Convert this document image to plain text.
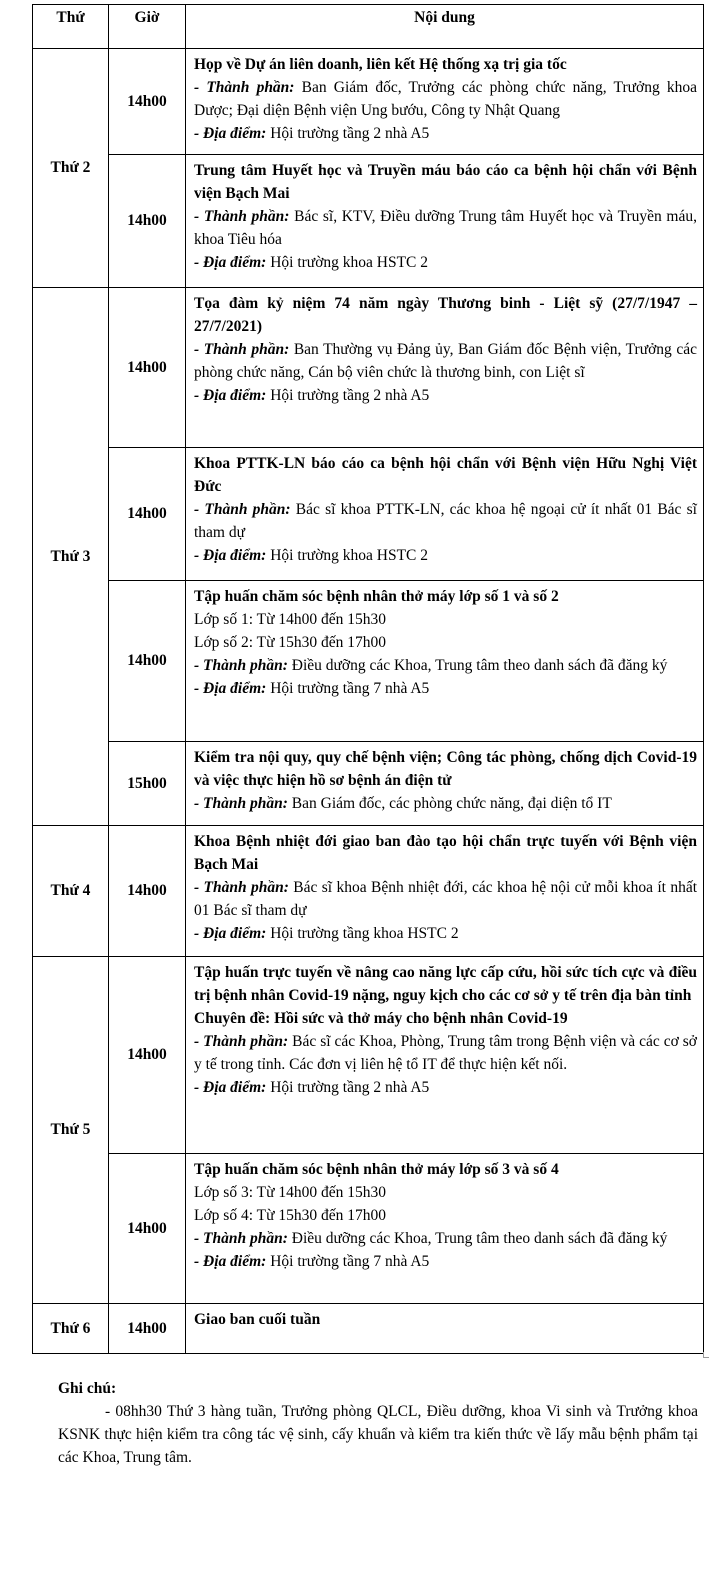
Thứ	Giờ	Nội dung
Thứ 2	14h00	Họp về Dự án liên doanh, liên kết Hệ thống xạ trị gia tốc
- Thành phần: Ban Giám đốc, Trưởng các phòng chức năng, Trưởng khoa Dược; Đại diện Bệnh viện Ung bướu, Công ty Nhật Quang
- Địa điểm: Hội trường tầng 2 nhà A5

	14h00	Trung tâm Huyết học và Truyền máu báo cáo ca bệnh hội chẩn với Bệnh viện Bạch Mai
- Thành phần: Bác sĩ, KTV, Điều dưỡng Trung tâm Huyết học và Truyền máu, khoa Tiêu hóa
- Địa điểm: Hội trường khoa HSTC 2

Thứ 3	14h00	Tọa đàm kỷ niệm 74 năm ngày Thương binh - Liệt sỹ (27/7/1947 – 27/7/2021)
- Thành phần: Ban Thường vụ Đảng ủy, Ban Giám đốc Bệnh viện, Trưởng các phòng chức năng, Cán bộ viên chức là thương binh, con Liệt sĩ
- Địa điểm: Hội trường tầng 2 nhà A5

	14h00	Khoa PTTK-LN báo cáo ca bệnh hội chẩn với Bệnh viện Hữu Nghị Việt Đức
- Thành phần: Bác sĩ khoa PTTK-LN, các khoa hệ ngoại cử ít nhất 01 Bác sĩ tham dự
- Địa điểm: Hội trường khoa HSTC 2

	14h00	Tập huấn chăm sóc bệnh nhân thở máy lớp số 1 và số 2
Lớp số 1: Từ 14h00 đến 15h30
Lớp số 2: Từ 15h30 đến 17h00
- Thành phần: Điều dưỡng các Khoa, Trung tâm theo danh sách đã đăng ký
- Địa điểm: Hội trường tầng 7 nhà A5

	15h00	Kiểm tra nội quy, quy chế bệnh viện; Công tác phòng, chống dịch Covid-19 và việc thực hiện hồ sơ bệnh án điện tử
- Thành phần: Ban Giám đốc, các phòng chức năng, đại diện tổ IT

Thứ 4	14h00	Khoa Bệnh nhiệt đới giao ban đào tạo hội chẩn trực tuyến với Bệnh viện Bạch Mai
- Thành phần: Bác sĩ khoa Bệnh nhiệt đới, các khoa hệ nội cử mỗi khoa ít nhất 01 Bác sĩ tham dự
- Địa điểm: Hội trường tầng khoa HSTC 2

Thứ 5	14h00	Tập huấn trực tuyến về nâng cao năng lực cấp cứu, hồi sức tích cực và điều trị bệnh nhân Covid-19 nặng, nguy kịch cho các cơ sở y tế trên địa bàn tỉnh
Chuyên đề: Hồi sức và thở máy cho bệnh nhân Covid-19
- Thành phần: Bác sĩ các Khoa, Phòng, Trung tâm trong Bệnh viện và các cơ sở y tế trong tỉnh. Các đơn vị liên hệ tổ IT để thực hiện kết nối.
- Địa điểm: Hội trường tầng 2 nhà A5

	14h00	Tập huấn chăm sóc bệnh nhân thở máy lớp số 3 và số 4
Lớp số 3: Từ 14h00 đến 15h30
Lớp số 4: Từ 15h30 đến 17h00
- Thành phần: Điều dưỡng các Khoa, Trung tâm theo danh sách đã đăng ký
- Địa điểm: Hội trường tầng 7 nhà A5

Thứ 6	14h00	Giao ban cuối tuần
Ghi chú:
- 08hh30 Thứ 3 hàng tuần, Trưởng phòng QLCL, Điều dưỡng, khoa Vi sinh và Trưởng khoa KSNK thực hiện kiểm tra công tác vệ sinh, cấy khuẩn và kiểm tra kiến thức về lấy mẫu bệnh phẩm tại các Khoa, Trung tâm.
